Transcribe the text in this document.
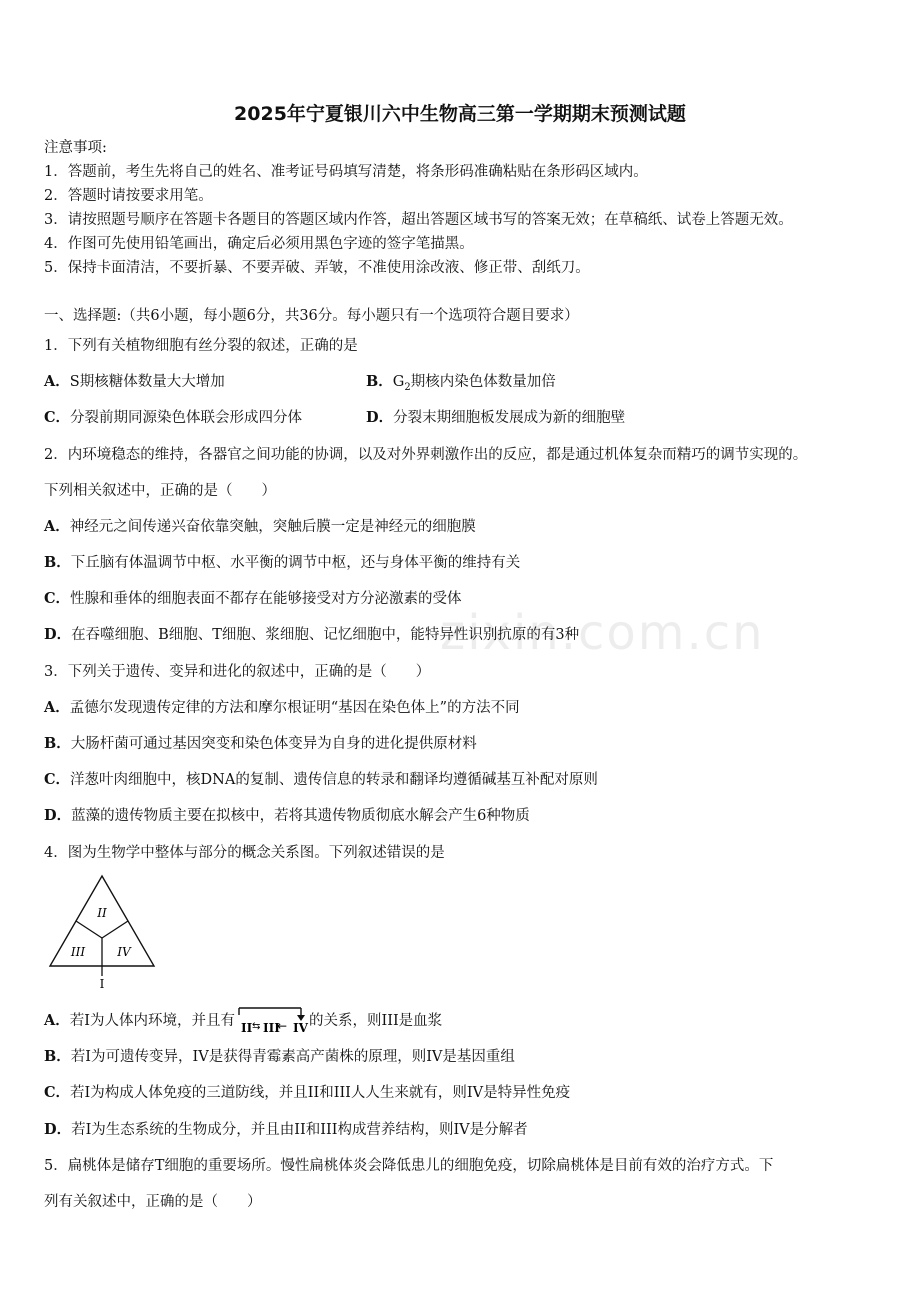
zixin.com.cn
2025年宁夏银川六中生物高三第一学期期末预测试题
注意事项:
1．答题前，考生先将自己的姓名、准考证号码填写清楚，将条形码准确粘贴在条形码区域内。
2．答题时请按要求用笔。
3．请按照题号顺序在答题卡各题目的答题区域内作答，超出答题区域书写的答案无效；在草稿纸、试卷上答题无效。
4．作图可先使用铅笔画出，确定后必须用黑色字迹的签字笔描黑。
5．保持卡面清洁，不要折暴、不要弄破、弄皱，不准使用涂改液、修正带、刮纸刀。
一、选择题:（共6小题，每小题6分，共36分。每小题只有一个选项符合题目要求）
1．下列有关植物细胞有丝分裂的叙述，正确的是
A．S期核糖体数量大大增加	B．$G_2$期核内染色体数量加倍
C．分裂前期同源染色体联会形成四分体	D．分裂末期细胞板发展成为新的细胞壁
2．内环境稳态的维持，各器官之间功能的协调，以及对外界刺激作出的反应，都是通过机体复杂而精巧的调节实现的。
下列相关叙述中，正确的是（　　）
A．神经元之间传递兴奋依靠突触，突触后膜一定是神经元的细胞膜
B．下丘脑有体温调节中枢、水平衡的调节中枢，还与身体平衡的维持有关
C．性腺和垂体的细胞表面不都存在能够接受对方分泌激素的受体
D．在吞噬细胞、B细胞、T细胞、浆细胞、记忆细胞中，能特异性识别抗原的有3种
3．下列关于遗传、变异和进化的叙述中，正确的是（　　）
A．孟德尔发现遗传定律的方法和摩尔根证明“基因在染色体上”的方法不同
B．大肠杆菌可通过基因突变和染色体变异为自身的进化提供原材料
C．洋葱叶肉细胞中，核DNA的复制、遗传信息的转录和翻译均遵循碱基互补配对原则
D．蓝藻的遗传物质主要在拟核中，若将其遗传物质彻底水解会产生6种物质
4．图为生物学中整体与部分的概念关系图。下列叙述错误的是
II
III	IV
I
A．若I为人体内环境，并且有 II ⇆ III
← IV 的关系，则III是血浆
B．若I为可遗传变异，IV是获得青霉素高产菌株的原理，则IV是基因重组
C．若I为构成人体免疫的三道防线，并且II和III人人生来就有，则IV是特异性免疫
D．若I为生态系统的生物成分，并且由II和III构成营养结构，则IV是分解者
5．扁桃体是储存T细胞的重要场所。慢性扁桃体炎会降低患儿的细胞免疫，切除扁桃体是目前有效的治疗方式。下
列有关叙述中，正确的是（　　）
